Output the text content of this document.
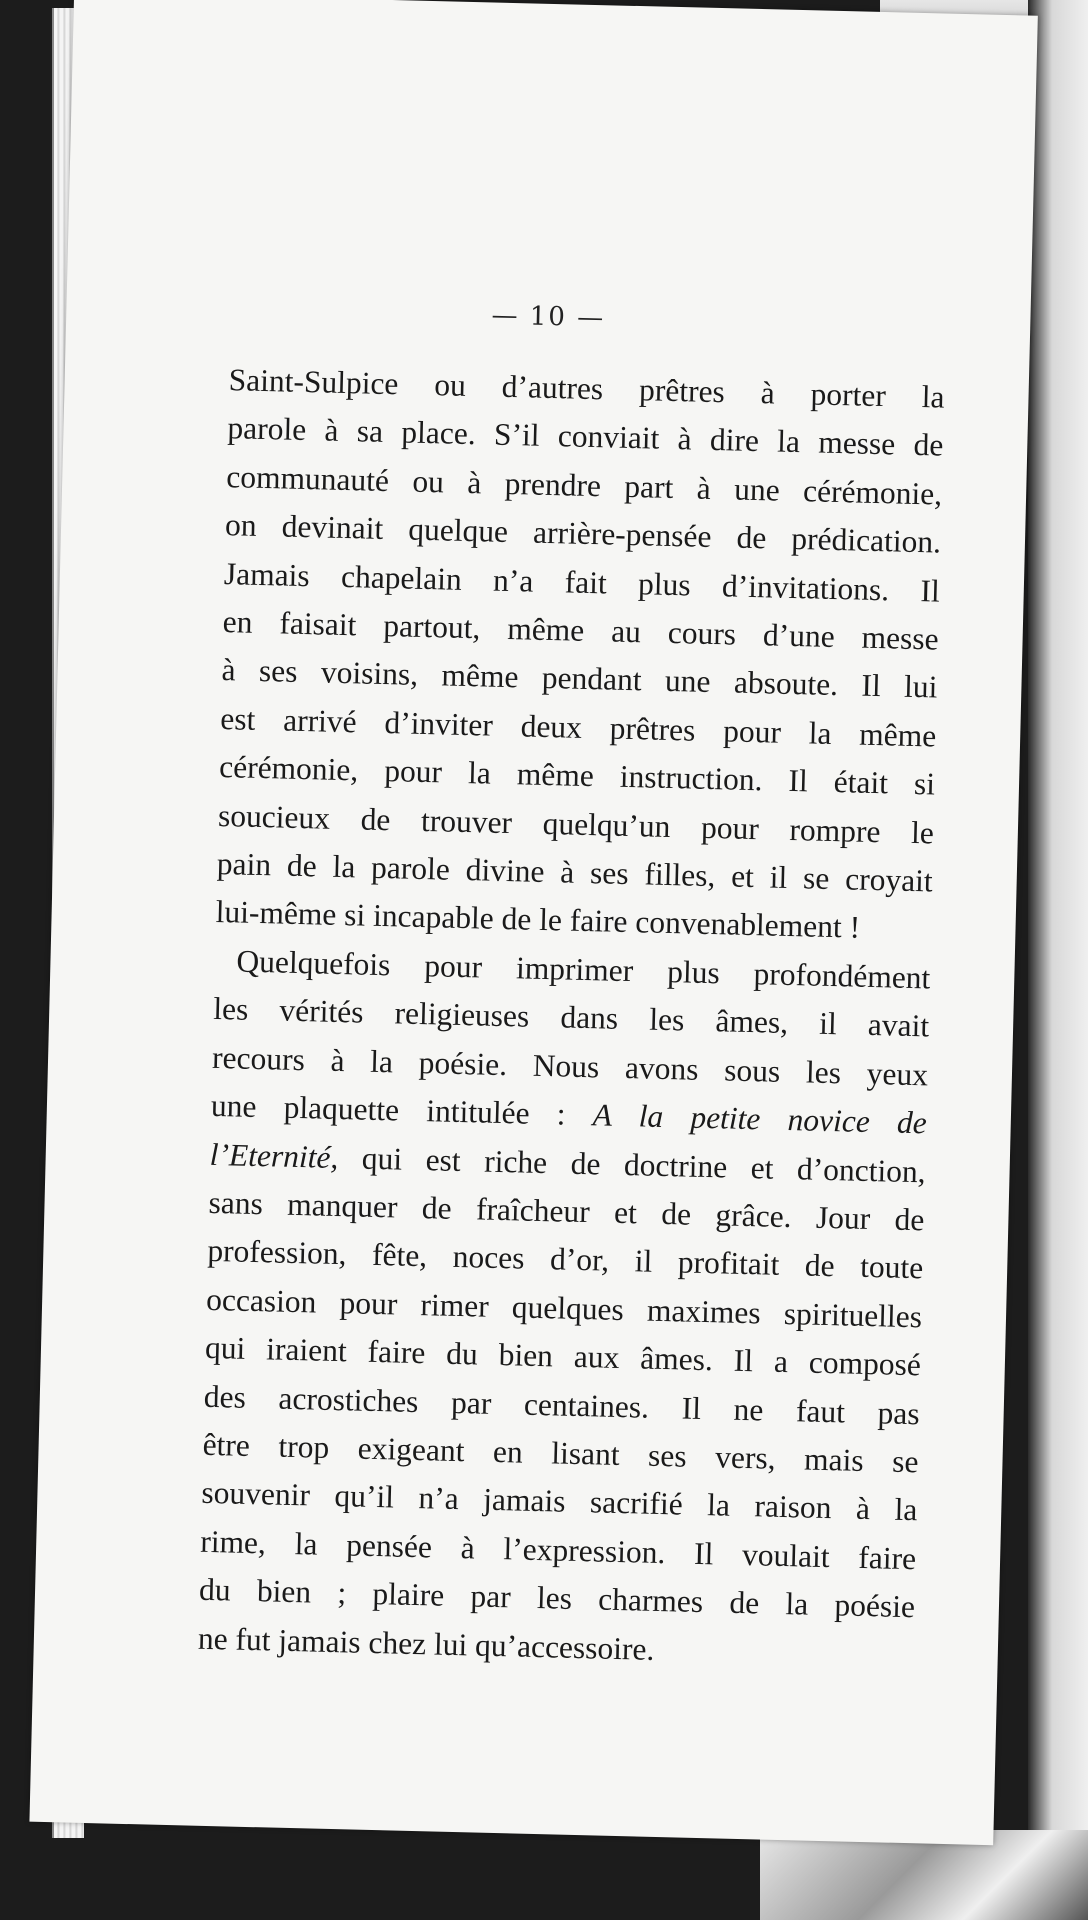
— 10 —

Saint-Sulpice ou d’autres prêtres à porter la
parole à sa place. S’il conviait à dire la messe de
communauté ou à prendre part à une cérémonie,
on devinait quelque arrière-pensée de prédication.
Jamais chapelain n’a fait plus d’invitations. Il
en faisait partout, même au cours d’une messe
à ses voisins, même pendant une absoute. Il lui
est arrivé d’inviter deux prêtres pour la même
cérémonie, pour la même instruction. Il était si
soucieux de trouver quelqu’un pour rompre le
pain de la parole divine à ses filles, et il se croyait
lui-même si incapable de le faire convenablement !

Quelquefois pour imprimer plus profondément
les vérités religieuses dans les âmes, il avait
recours à la poésie. Nous avons sous les yeux
une plaquette intitulée : A la petite novice de
l’Eternité, qui est riche de doctrine et d’onction,
sans manquer de fraîcheur et de grâce. Jour de
profession, fête, noces d’or, il profitait de toute
occasion pour rimer quelques maximes spirituelles
qui iraient faire du bien aux âmes. Il a composé
des acrostiches par centaines. Il ne faut pas
être trop exigeant en lisant ses vers, mais se
souvenir qu’il n’a jamais sacrifié la raison à la
rime, la pensée à l’expression. Il voulait faire
du bien ; plaire par les charmes de la poésie
ne fut jamais chez lui qu’accessoire.
